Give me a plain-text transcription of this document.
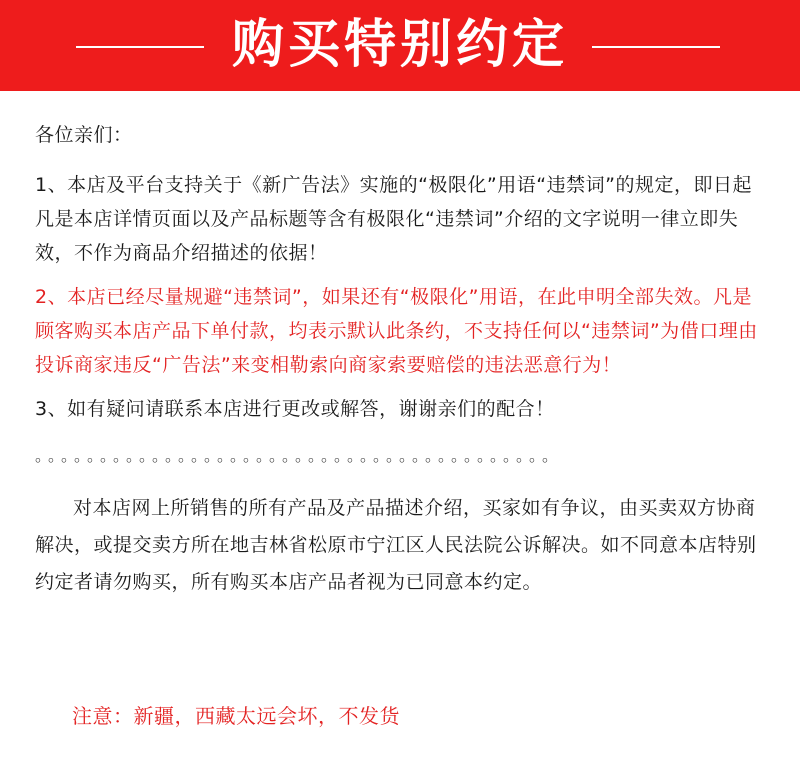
购买特别约定

各位亲们：

1、本店及平台支持关于《新广告法》实施的“极限化”用语“违禁词”的规定，即日起凡是本店详情页面以及产品标题等含有极限化“违禁词”介绍的文字说明一律立即失效，不作为商品介绍描述的依据！

2、本店已经尽量规避“违禁词”，如果还有“极限化”用语，在此申明全部失效。凡是顾客购买本店产品下单付款，均表示默认此条约，不支持任何以“违禁词”为借口理由投诉商家违反“广告法”来变相勒索向商家索要赔偿的违法恶意行为！

3、如有疑问请联系本店进行更改或解答，谢谢亲们的配合！

。。。。。。。。。。。。。。。。。。。。。。。。。。。。。。。。。。。。。。。。

对本店网上所销售的所有产品及产品描述介绍，买家如有争议，由买卖双方协商解决，或提交卖方所在地吉林省松原市宁江区人民法院公诉解决。如不同意本店特别约定者请勿购买，所有购买本店产品者视为已同意本约定。

注意：新疆，西藏太远会坏，不发货
